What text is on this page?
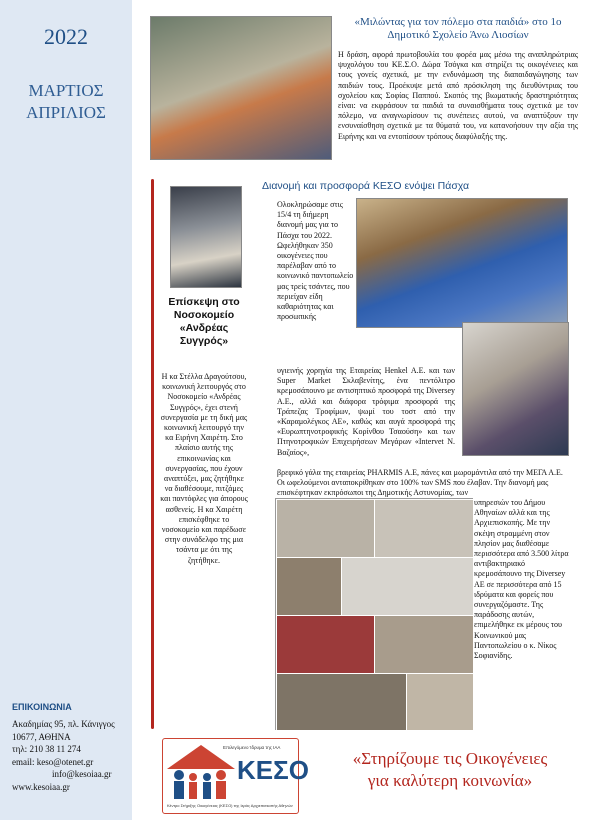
2022
ΜΑΡΤΙΟΣ
ΑΠΡΙΛΙΟΣ
ΕΠΙΚΟΙΝΩΝΙΑ
Ακαδημίας 95, πλ. Κάνιγγος
10677, ΑΘΗΝΑ
τηλ: 210 38 11 274
email: keso@otenet.gr
info@kesoiaa.gr
www.kesoiaa.gr
«Μιλώντας για τον πόλεμο στα παιδιά» στο 1ο Δημοτικό Σχολείο Άνω Λιοσίων
Η δράση, αφορά πρωτοβουλία του φορέα μας μέσω της αναπληρώτριας ψυχολόγου του ΚΕ.Σ.Ο. Δώρα Τσόγκα και στηρίζει τις οικογένειες και τους γονείς σχετικά, με την ενδυνάμωση της διαπαιδαγώγησης των παιδιών τους. Προέκυψε μετά από πρόσκληση της διευθύντριας του σχολείου κας Σοφίας Παππού. Σκοπός της βιωματικής δραστηριότητας είναι: να εκφράσουν τα παιδιά τα συναισθήματα τους σχετικά με τον πόλεμο, να αναγνωρίσουν τις συνέπειες αυτού, να αναπτύξουν την ενσυναίσθηση σχετικά με τα θύματά του, να κατανοήσουν την αξία της Ειρήνης και να εντοπίσουν τρόπους διαφύλαξής της.
Διανομή και προσφορά ΚΕΣΟ ενόψει Πάσχα
Ολοκληρώσαμε στις 15/4 τη διήμερη διανομή μας για το Πάσχα του 2022. Ωφελήθηκαν 350 οικογένειες που παρέλαβαν από το κοινωνικό παντοπωλείο μας τρείς τσάντες, που περιείχαν είδη καθαριότητας και προσωπικής
υγιεινής χορηγία της Εταιρείας Henkel A.E. και των Super Market Σκλαβενίτης, ένα πεντόλιτρο κρεμοσάπουνο με αντισηπτικό προσφορά της Diversey A.E., αλλά και διάφορα τρόφιμα προσφορά της Τράπεζας Τροφίμων, ψωμί του τοστ από την «Καραμολέγκος ΑΕ», καθώς και αυγά προσφορά της «Ευρωπτηνοτροφικής Κορίνθου Τσαούση» και των Πτηνοτροφικών Επιχειρήσεων Μεγάρων «Intervet N. Βαζαίος»,
βρεφικό γάλα της εταιρείας PHARMIS A.E, πάνες και μωρομάντιλα από την ΜΕΓΑ Α.Ε. Οι ωφελούμενοι ανταποκρίθηκαν στο 100% των SMS που έλαβαν. Την διανομή μας επισκέφτηκαν εκπρόσωποι της Δημοτικής Αστυνομίας, των
υπηρεσιών του Δήμου Αθηναίων αλλά και της Αρχιεπισκοπής. Με την σκέψη στραμμένη στον πλησίον μας διαθέσαμε περισσότερα από 3.500 λίτρα αντιβακτηριακό κρεμοσάπουνο της Diversey AE σε περισσότερα από 15 ιδρύματα και φορείς που συνεργαζόμαστε. Της παράδοσης αυτών, επιμελήθηκε εκ μέρους του Κοινωνικού μας Παντοπωλείου ο κ. Νίκος Σοφιανίδης.
Επίσκεψη στο Νοσοκομείο «Ανδρέας Συγγρός»
Η κα Στέλλα Δραγούτσου, κοινωνική λειτουργός στο Νοσοκομείο «Ανδρέας Συγγρός», έχει στενή συνεργασία με τη δική μας κοινωνική λειτουργό την κα Ειρήνη Χαιρέτη. Στο πλαίσιο αυτής της επικοινωνίας και συνεργασίας, που έχουν αναπτύξει, μας ζητήθηκε να διαθέσουμε, πιτζάμες και παντόφλες για άπορους ασθενείς. Η κα Χαιρέτη επισκέφθηκε το νοσοκομείο και παρέδωσε στην συνάδελφο της μια τσάντα με ότι της ζητήθηκε.
Επιλεγόμενο Ίδρυμα της ΙΑΑ
ΚΕΣΟ
Κέντρο Στήριξης Οικογένειας (ΚΕΣΟ) της Ιεράς Αρχιεπισκοπής Αθηνών
«Στηρίζουμε τις Οικογένειες
για καλύτερη κοινωνία»
